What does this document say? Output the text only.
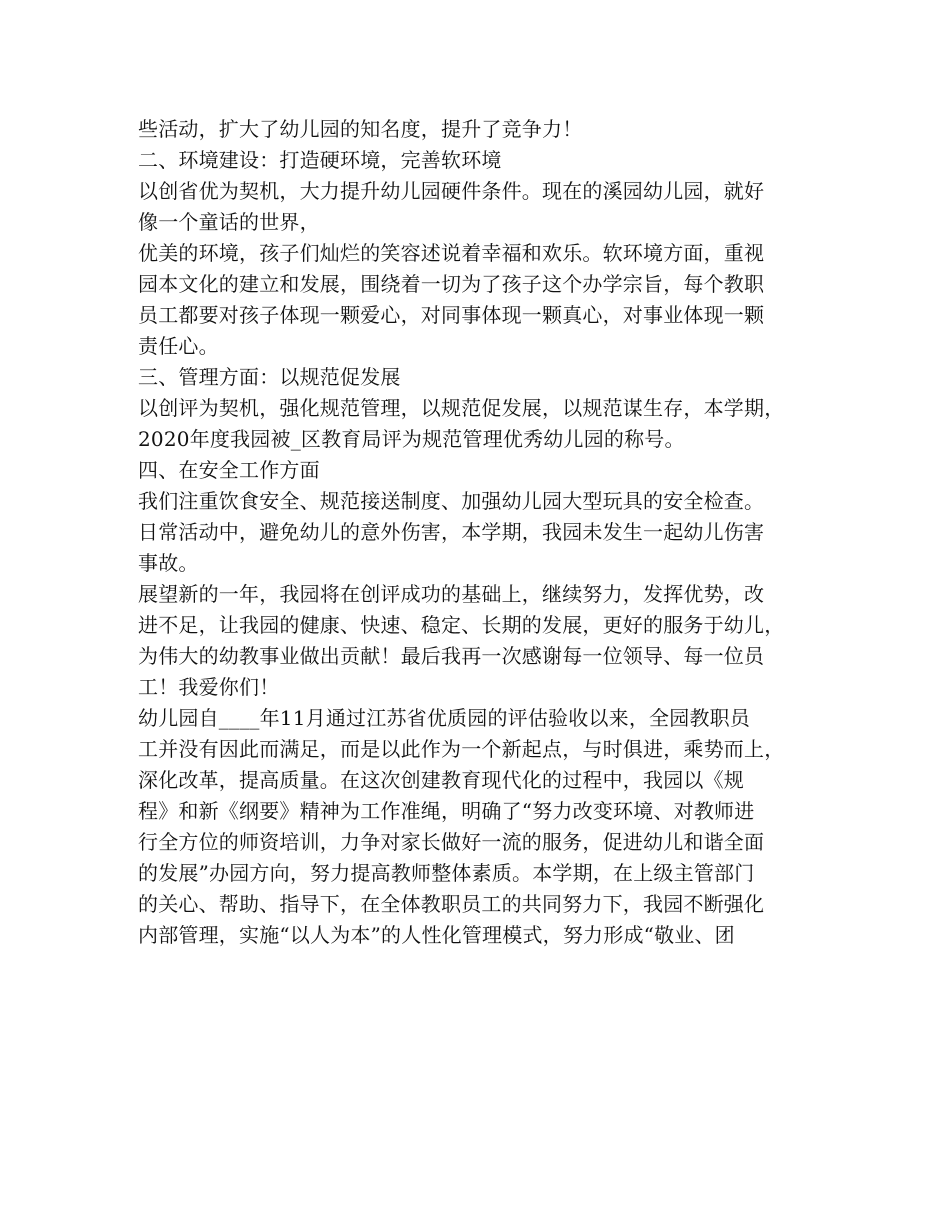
些活动，扩大了幼儿园的知名度，提升了竞争力！
二、环境建设：打造硬环境，完善软环境
以创省优为契机，大力提升幼儿园硬件条件。现在的溪园幼儿园，就好
像一个童话的世界，
优美的环境，孩子们灿烂的笑容述说着幸福和欢乐。软环境方面，重视
园本文化的建立和发展，围绕着一切为了孩子这个办学宗旨，每个教职
员工都要对孩子体现一颗爱心，对同事体现一颗真心，对事业体现一颗
责任心。
三、管理方面：以规范促发展
以创评为契机，强化规范管理，以规范促发展，以规范谋生存，本学期，
2020年度我园被_区教育局评为规范管理优秀幼儿园的称号。
四、在安全工作方面
我们注重饮食安全、规范接送制度、加强幼儿园大型玩具的安全检查。
日常活动中，避免幼儿的意外伤害，本学期，我园未发生一起幼儿伤害
事故。
展望新的一年，我园将在创评成功的基础上，继续努力，发挥优势，改
进不足，让我园的健康、快速、稳定、长期的发展，更好的服务于幼儿，
为伟大的幼教事业做出贡献！最后我再一次感谢每一位领导、每一位员
工！我爱你们！
幼儿园自____年11月通过江苏省优质园的评估验收以来，全园教职员
工并没有因此而满足，而是以此作为一个新起点，与时俱进，乘势而上，
深化改革，提高质量。在这次创建教育现代化的过程中，我园以《规
程》和新《纲要》精神为工作准绳，明确了“努力改变环境、对教师进
行全方位的师资培训，力争对家长做好一流的服务，促进幼儿和谐全面
的发展”办园方向，努力提高教师整体素质。本学期，在上级主管部门
的关心、帮助、指导下，在全体教职员工的共同努力下，我园不断强化
内部管理，实施“以人为本”的人性化管理模式，努力形成“敬业、团
